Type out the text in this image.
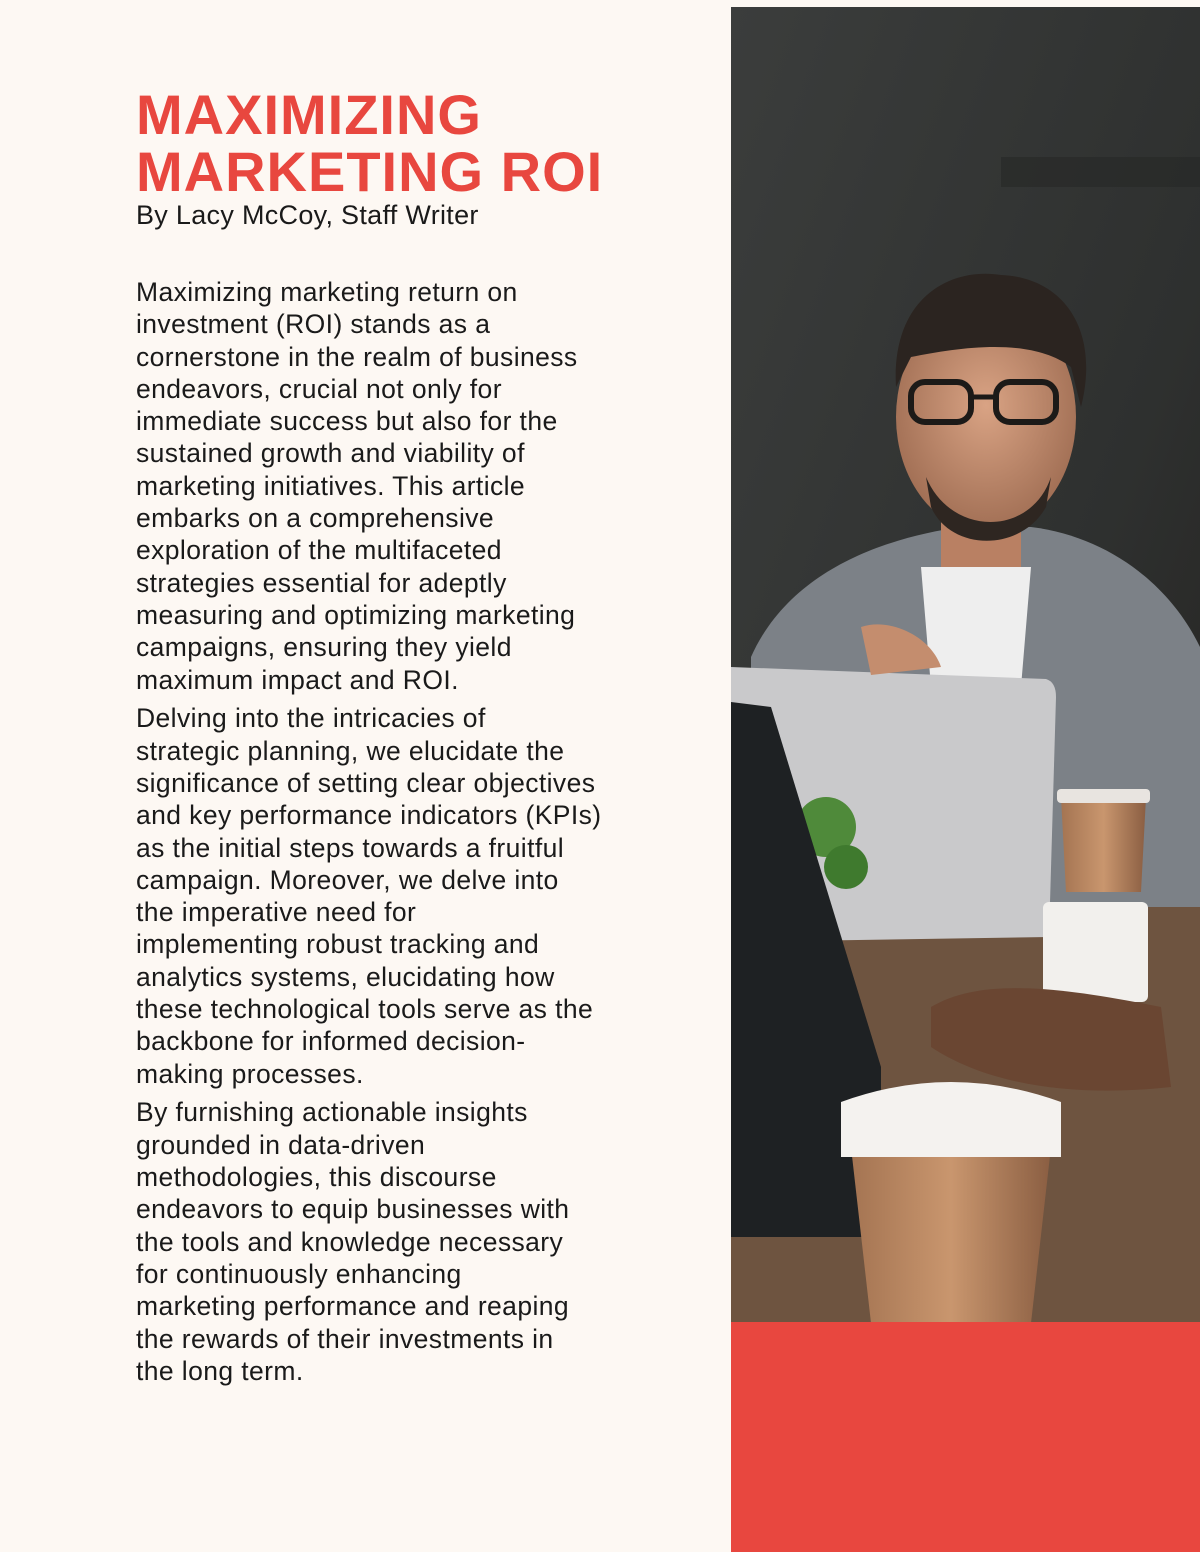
MAXIMIZING
MARKETING ROI
By Lacy McCoy, Staff Writer

Maximizing marketing return on
investment (ROI) stands as a
cornerstone in the realm of business
endeavors, crucial not only for
immediate success but also for the
sustained growth and viability of
marketing initiatives. This article
embarks on a comprehensive
exploration of the multifaceted
strategies essential for adeptly
measuring and optimizing marketing
campaigns, ensuring they yield
maximum impact and ROI.

Delving into the intricacies of
strategic planning, we elucidate the
significance of setting clear objectives
and key performance indicators (KPIs)
as the initial steps towards a fruitful
campaign. Moreover, we delve into
the imperative need for
implementing robust tracking and
analytics systems, elucidating how
these technological tools serve as the
backbone for informed decision-
making processes.

By furnishing actionable insights
grounded in data-driven
methodologies, this discourse
endeavors to equip businesses with
the tools and knowledge necessary
for continuously enhancing
marketing performance and reaping
the rewards of their investments in
the long term.
